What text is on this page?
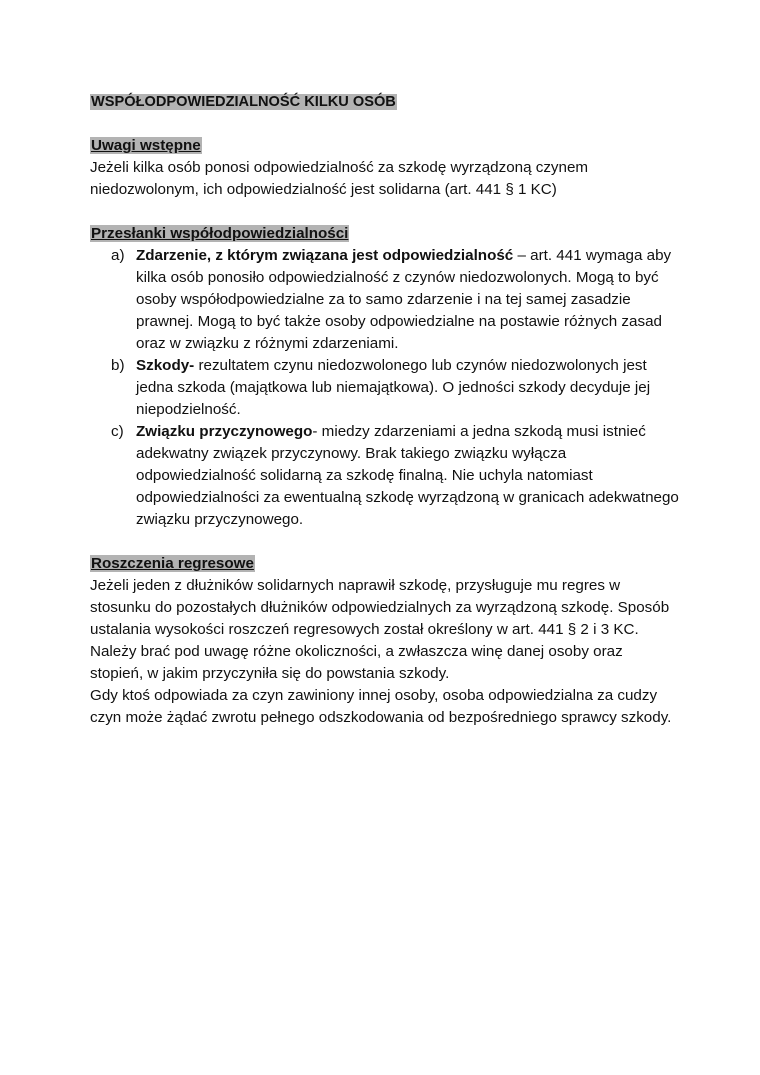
WSPÓŁODPOWIEDZIALNOŚĆ KILKU OSÓB

Uwagi wstępne

Jeżeli kilka osób ponosi odpowiedzialność za szkodę wyrządzoną czynem niedozwolonym, ich odpowiedzialność jest solidarna (art. 441 § 1 KC)

Przesłanki współodpowiedzialności

a) Zdarzenie, z którym związana jest odpowiedzialność – art. 441 wymaga aby kilka osób ponosiło odpowiedzialność z czynów niedozwolonych. Mogą to być osoby współodpowiedzialne za to samo zdarzenie i na tej samej zasadzie prawnej. Mogą to być także osoby odpowiedzialne na postawie różnych zasad oraz w związku z różnymi zdarzeniami.
b) Szkody- rezultatem czynu niedozwolonego lub czynów niedozwolonych jest jedna szkoda (majątkowa lub niemajątkowa). O jedności szkody decyduje jej niepodzielność.
c) Związku przyczynowego- miedzy zdarzeniami a jedna szkodą musi istnieć adekwatny związek przyczynowy. Brak takiego związku wyłącza odpowiedzialność solidarną za szkodę finalną. Nie uchyla natomiast odpowiedzialności za ewentualną szkodę wyrządzoną w granicach adekwatnego związku przyczynowego.

Roszczenia regresowe

Jeżeli jeden z dłużników solidarnych naprawił szkodę, przysługuje mu regres w stosunku do pozostałych dłużników odpowiedzialnych za wyrządzoną szkodę. Sposób ustalania wysokości roszczeń regresowych został określony w art. 441 § 2 i 3 KC. Należy brać pod uwagę różne okoliczności, a zwłaszcza winę danej osoby oraz stopień, w jakim przyczyniła się do powstania szkody.

Gdy ktoś odpowiada za czyn zawiniony innej osoby, osoba odpowiedzialna za cudzy czyn może żądać zwrotu pełnego odszkodowania od bezpośredniego sprawcy szkody.
